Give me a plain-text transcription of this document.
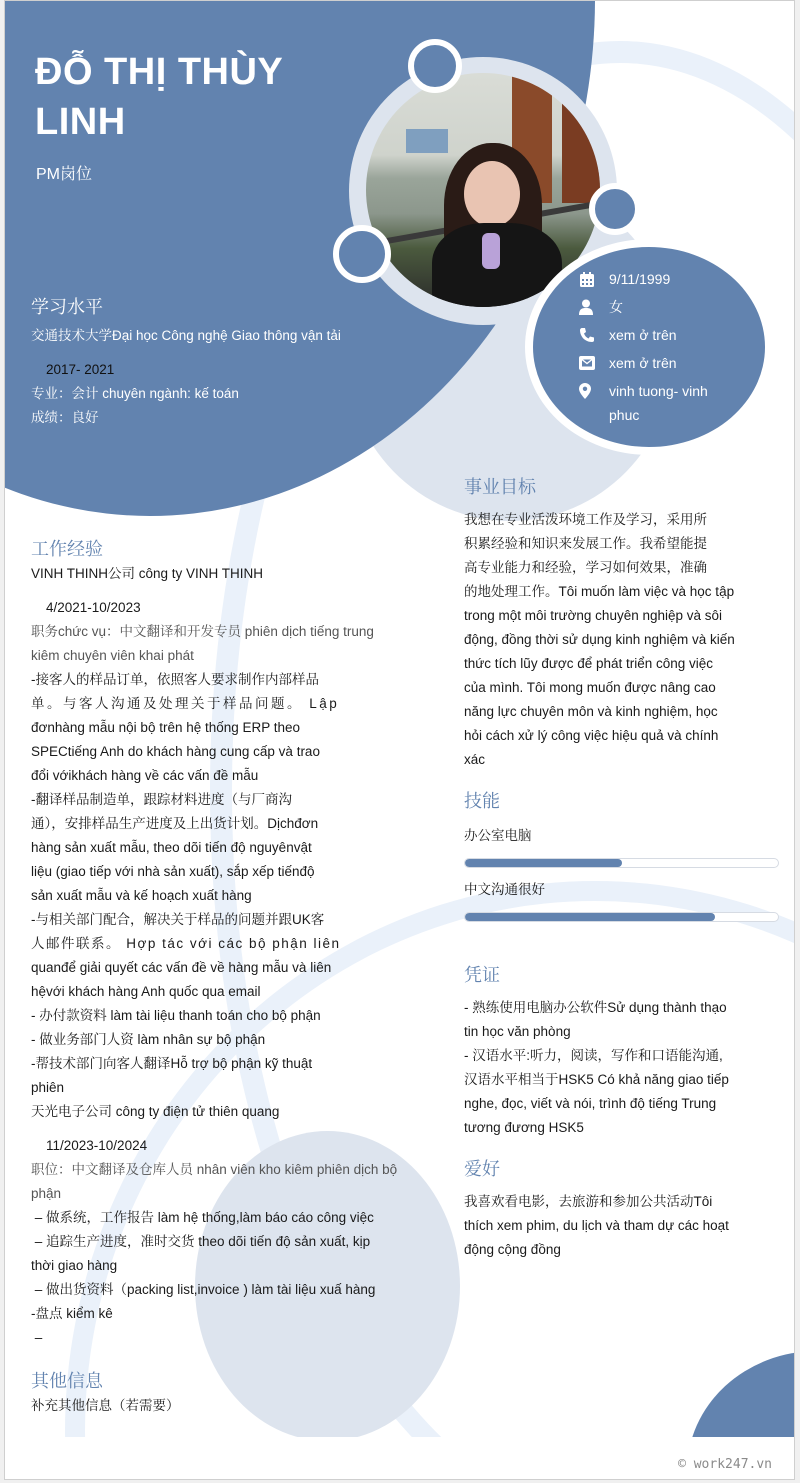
ĐỖ THỊ THÙY
LINH
PM岗位
学习水平
交通技术大学Đại học Công nghệ Giao thông vận tải
2017- 2021
专业：会计 chuyên ngành: kế toán
成绩：良好
9/11/1999
女
xem ở trên
xem ở trên
vinh tuong- vinh phuc
工作经验
VINH THINH公司 công ty VINH THINH
4/2021-10/2023
职务chức vụ：中文翻译和开发专员 phiên dịch tiếng trung kiêm chuyên viên khai phát
-接客人的样品订单，依照客人要求制作内部样品
单。与客人沟通及处理关于样品问题。 Lập
đơnhàng mẫu nội bộ trên hệ thống ERP theo
SPECtiếng Anh do khách hàng cung cấp và trao
đổi vớikhách hàng về các vấn đề mẫu
-翻译样品制造单，跟踪材料进度（与厂商沟
通），安排样品生产进度及上出货计划。Dịchđơn
hàng sản xuất mẫu, theo dõi tiến độ nguyênvật
liệu (giao tiếp với nhà sản xuất), sắp xếp tiếnđộ
sản xuất mẫu và kế hoạch xuất hàng
-与相关部门配合，解决关于样品的问题并跟UK客
人邮件联系。 Hợp tác với các bộ phận liên
quanđể giải quyết các vấn đề về hàng mẫu và liên
hệvới khách hàng Anh quốc qua email
- 办付款资料 làm tài liệu thanh toán cho bộ phận
- 做业务部门人资 làm nhân sự bộ phận
-帮技术部门向客人翻译Hỗ trợ bộ phận kỹ thuật
phiên
天光电子公司 công ty điện tử thiên quang
11/2023-10/2024
职位：中文翻译及仓库人员 nhân viên kho kiêm phiên dịch bộ phận
– 做系统，工作报告 làm hệ thống,làm báo cáo công việc
– 追踪生产进度，准时交货 theo dõi tiến độ sản xuất, kịp
thời giao hàng
– 做出货资料（packing list,invoice ) làm tài liệu xuấ hàng
-盘点 kiểm kê
–
其他信息
补充其他信息（若需要）
事业目标
我想在专业活泼环境工作及学习，采用所
积累经验和知识来发展工作。我希望能提
高专业能力和经验，学习如何效果，准确
的地处理工作。Tôi muốn làm việc và học tập
trong một môi trường chuyên nghiệp và sôi
động, đồng thời sử dụng kinh nghiệm và kiến
thức tích lũy được để phát triển công việc
của mình. Tôi mong muốn được nâng cao
năng lực chuyên môn và kinh nghiệm, học
hỏi cách xử lý công việc hiệu quả và chính
xác
技能
办公室电脑
中文沟通很好
凭证
- 熟练使用电脑办公软件Sử dụng thành thạo
tin học văn phòng
- 汉语水平:听力，阅读，写作和口语能沟通,
汉语水平相当于HSK5 Có khả năng giao tiếp
nghe, đọc, viết và nói, trình độ tiếng Trung
tương đương HSK5
爱好
我喜欢看电影，去旅游和参加公共活动Tôi
thích xem phim, du lịch và tham dự các hoạt
động cộng đồng
© work247.vn
